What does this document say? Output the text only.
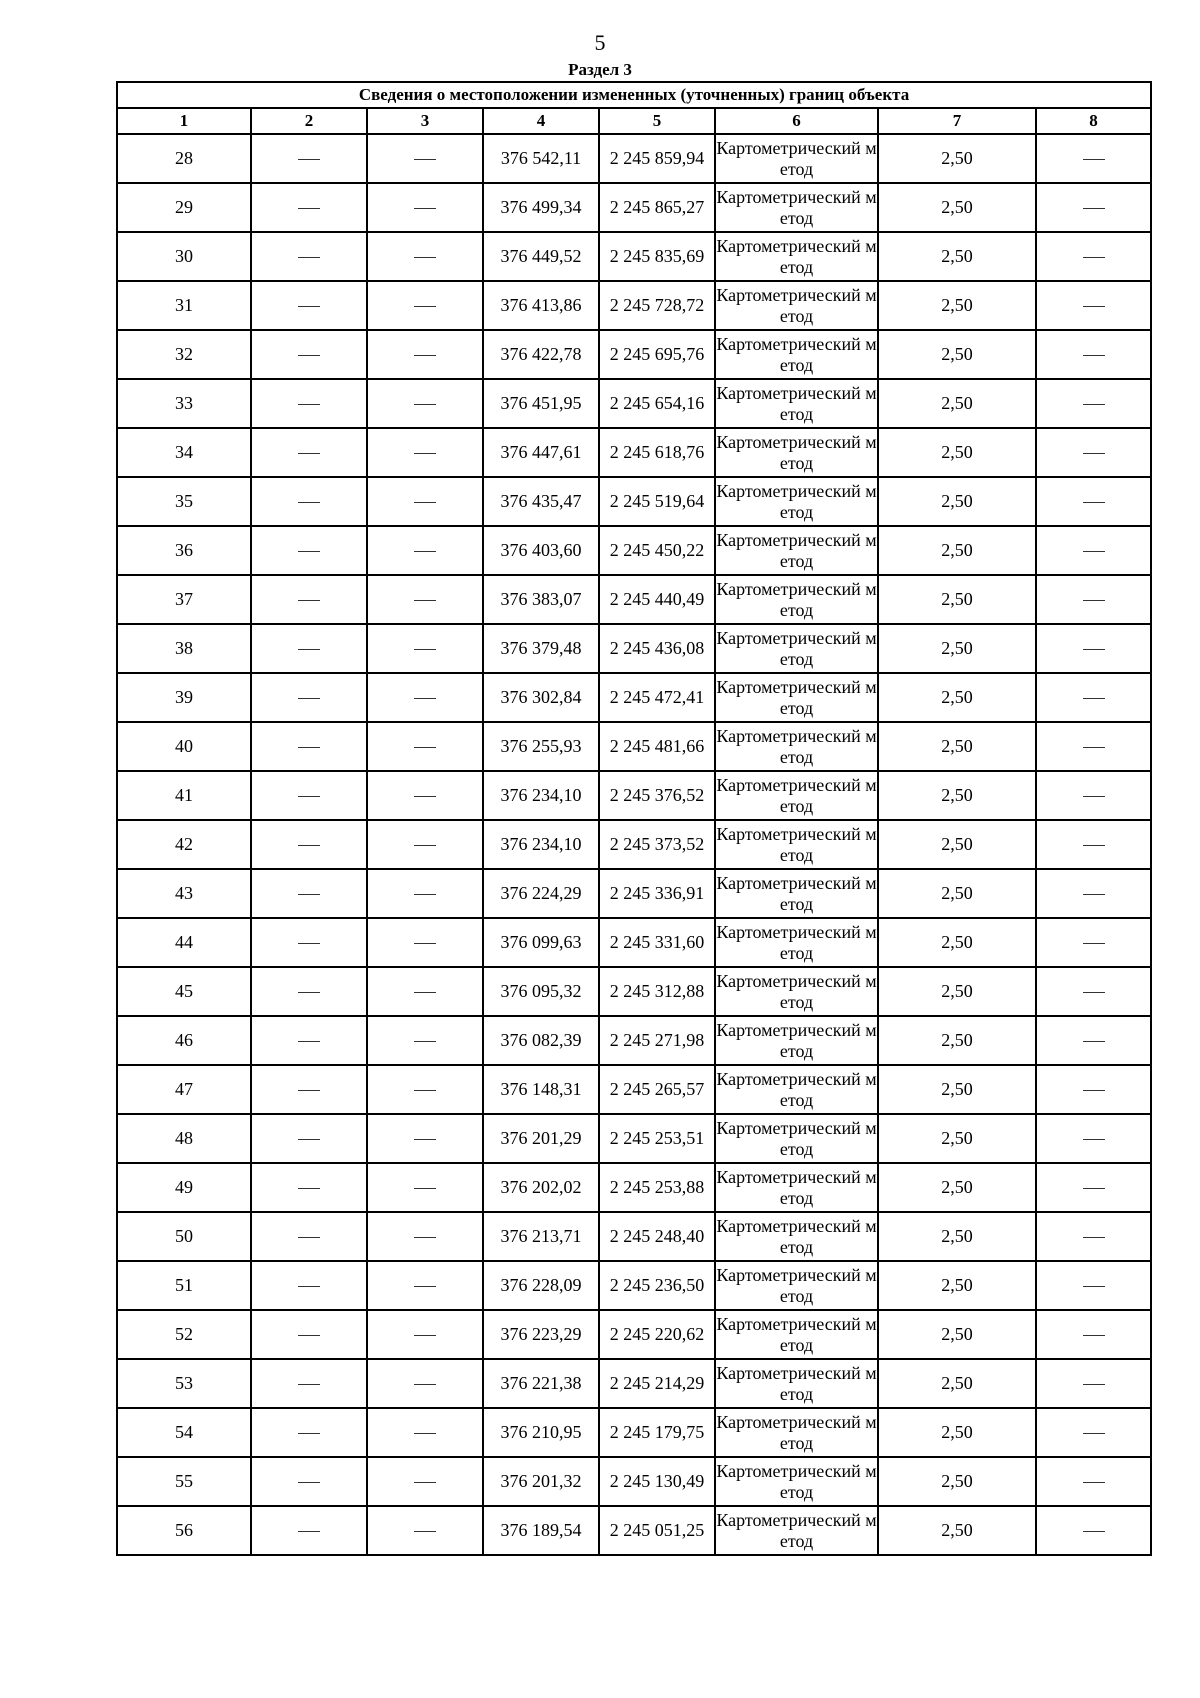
5
Раздел 3
Сведения о местоположении измененных (уточненных) границ объекта							
1	2	3	4	5	6	7	8
28			376 542,11	2 245 859,94	Картометрический метод	2,50	
29			376 499,34	2 245 865,27	Картометрический метод	2,50	
30			376 449,52	2 245 835,69	Картометрический метод	2,50	
31			376 413,86	2 245 728,72	Картометрический метод	2,50	
32			376 422,78	2 245 695,76	Картометрический метод	2,50	
33			376 451,95	2 245 654,16	Картометрический метод	2,50	
34			376 447,61	2 245 618,76	Картометрический метод	2,50	
35			376 435,47	2 245 519,64	Картометрический метод	2,50	
36			376 403,60	2 245 450,22	Картометрический метод	2,50	
37			376 383,07	2 245 440,49	Картометрический метод	2,50	
38			376 379,48	2 245 436,08	Картометрический метод	2,50	
39			376 302,84	2 245 472,41	Картометрический метод	2,50	
40			376 255,93	2 245 481,66	Картометрический метод	2,50	
41			376 234,10	2 245 376,52	Картометрический метод	2,50	
42			376 234,10	2 245 373,52	Картометрический метод	2,50	
43			376 224,29	2 245 336,91	Картометрический метод	2,50	
44			376 099,63	2 245 331,60	Картометрический метод	2,50	
45			376 095,32	2 245 312,88	Картометрический метод	2,50	
46			376 082,39	2 245 271,98	Картометрический метод	2,50	
47			376 148,31	2 245 265,57	Картометрический метод	2,50	
48			376 201,29	2 245 253,51	Картометрический метод	2,50	
49			376 202,02	2 245 253,88	Картометрический метод	2,50	
50			376 213,71	2 245 248,40	Картометрический метод	2,50	
51			376 228,09	2 245 236,50	Картометрический метод	2,50	
52			376 223,29	2 245 220,62	Картометрический метод	2,50	
53			376 221,38	2 245 214,29	Картометрический метод	2,50	
54			376 210,95	2 245 179,75	Картометрический метод	2,50	
55			376 201,32	2 245 130,49	Картометрический метод	2,50	
56			376 189,54	2 245 051,25	Картометрический метод	2,50	
